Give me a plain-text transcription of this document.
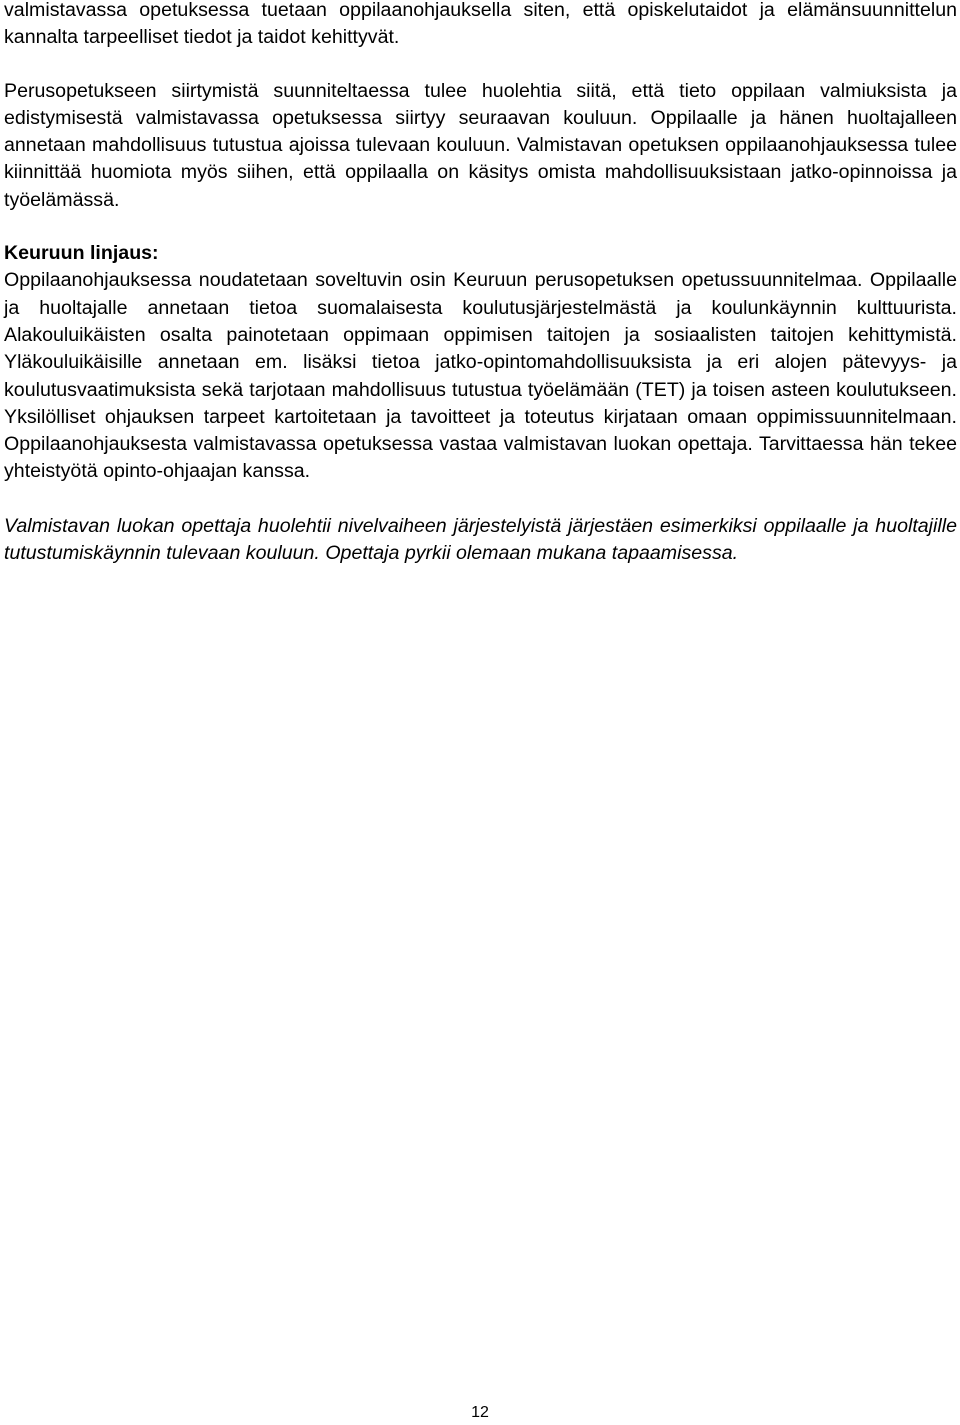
valmistavassa opetuksessa tuetaan oppilaanohjauksella siten, että opiskelutaidot ja elämänsuunnittelun kannalta tarpeelliset tiedot ja taidot kehittyvät.

Perusopetukseen siirtymistä suunniteltaessa tulee huolehtia siitä, että tieto oppilaan valmiuksista ja edistymisestä valmistavassa opetuksessa siirtyy seuraavan kouluun. Oppilaalle ja hänen huoltajalleen annetaan mahdollisuus tutustua ajoissa tulevaan kouluun. Valmistavan opetuksen oppilaanohjauksessa tulee kiinnittää huomiota myös siihen, että oppilaalla on käsitys omista mahdollisuuksistaan jatko-opinnoissa ja työelämässä.

Keuruun linjaus:

Oppilaanohjauksessa noudatetaan soveltuvin osin Keuruun perusopetuksen opetussuunnitelmaa. Oppilaalle ja huoltajalle annetaan tietoa suomalaisesta koulutusjärjestelmästä ja koulunkäynnin kulttuurista. Alakouluikäisten osalta painotetaan oppimaan oppimisen taitojen ja sosiaalisten taitojen kehittymistä. Yläkouluikäisille annetaan em. lisäksi tietoa jatko-opintomahdollisuuksista ja eri alojen pätevyys- ja koulutusvaatimuksista sekä tarjotaan mahdollisuus tutustua työelämään (TET) ja toisen asteen koulutukseen. Yksilölliset ohjauksen tarpeet kartoitetaan ja tavoitteet ja toteutus kirjataan omaan oppimissuunnitelmaan. Oppilaanohjauksesta valmistavassa opetuksessa vastaa valmistavan luokan opettaja. Tarvittaessa hän tekee yhteistyötä opinto-ohjaajan kanssa.

Valmistavan luokan opettaja huolehtii nivelvaiheen järjestelyistä järjestäen esimerkiksi oppilaalle ja huoltajille tutustumiskäynnin tulevaan kouluun. Opettaja pyrkii olemaan mukana tapaamisessa.

12
